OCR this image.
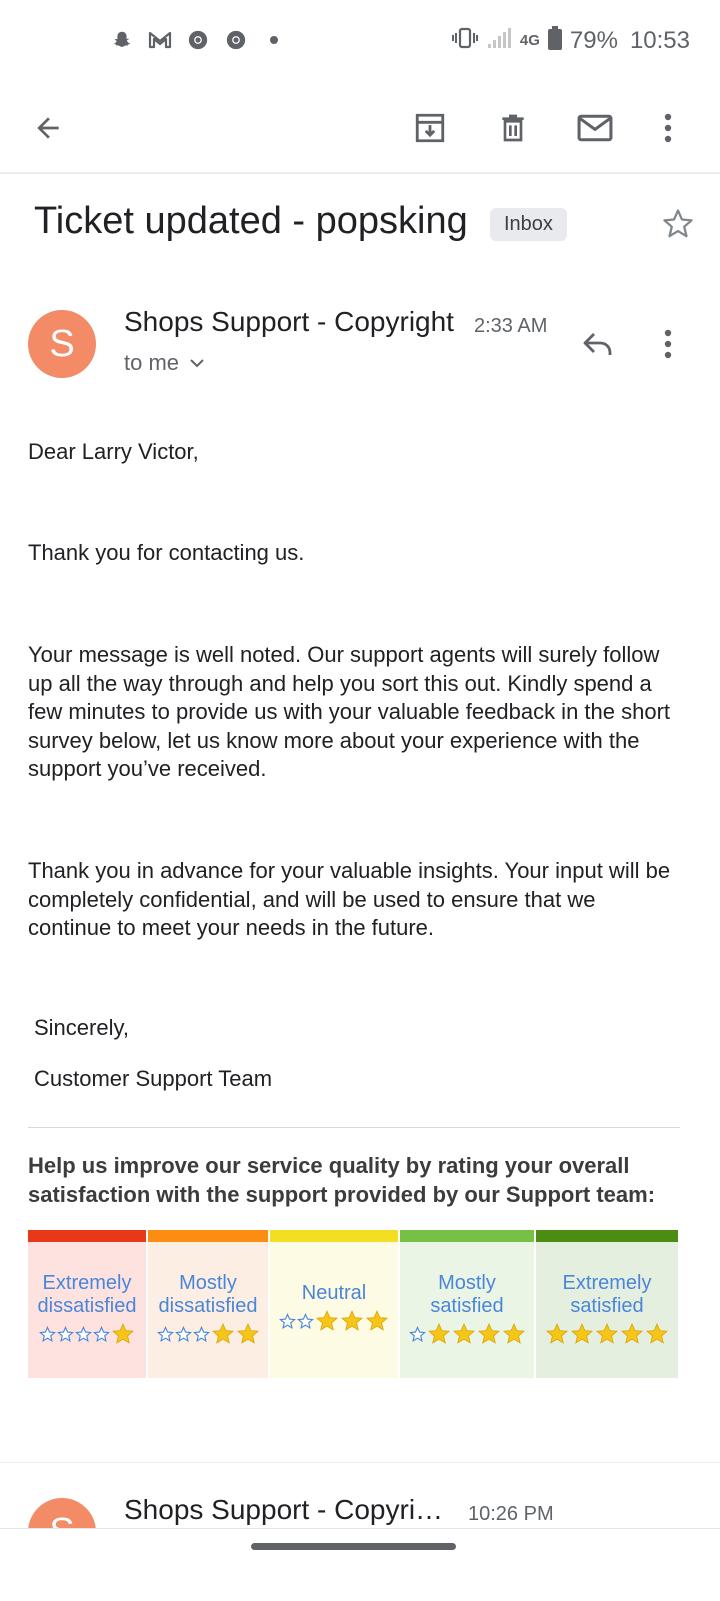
4G 79% 10:53
Ticket updated - popsking	Inbox
S
Shops Support - Copyright 2:33 AM
to me
Dear Larry Victor,
Thank you for contacting us.
Your message is well noted. Our support agents will surely follow up all the way through and help you sort this out. Kindly spend a few minutes to provide us with your valuable feedback in the short survey below, let us know more about your experience with the support you’ve received.
Thank you in advance for your valuable insights. Your input will be completely confidential, and will be used to ensure that we continue to meet your needs in the future.
Sincerely,
Customer Support Team
Help us improve our service quality by rating your overall satisfaction with the support provided by our Support team:
Extremely
dissatisfied
Mostly
dissatisfied
Neutral	Mostly
satisfied
Extremely
satisfied
Shops Support - Copyri… 10:26 PM
